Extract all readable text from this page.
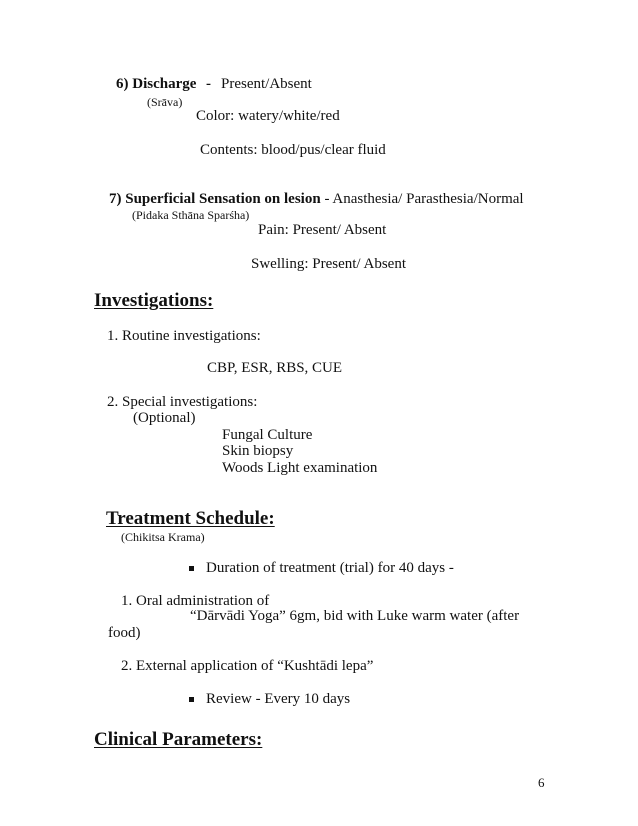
6) Discharge - Present/Absent
(Srāva)
Color: watery/white/red
Contents: blood/pus/clear fluid
7) Superficial Sensation on lesion - Anasthesia/ Parasthesia/Normal
(Pidaka Sthāna Sparśha)
Pain: Present/ Absent
Swelling: Present/ Absent
Investigations:
1. Routine investigations:
CBP, ESR, RBS, CUE
2. Special investigations:
(Optional)
Fungal Culture
Skin biopsy
Woods Light examination
Treatment Schedule:
(Chikitsa Krama)
Duration of treatment (trial) for 40 days -
1. Oral administration of
“Dārvādi Yoga” 6gm, bid with Luke warm water (after
food)
2. External application of “Kushtādi lepa”
Review - Every 10 days
Clinical Parameters:
6
